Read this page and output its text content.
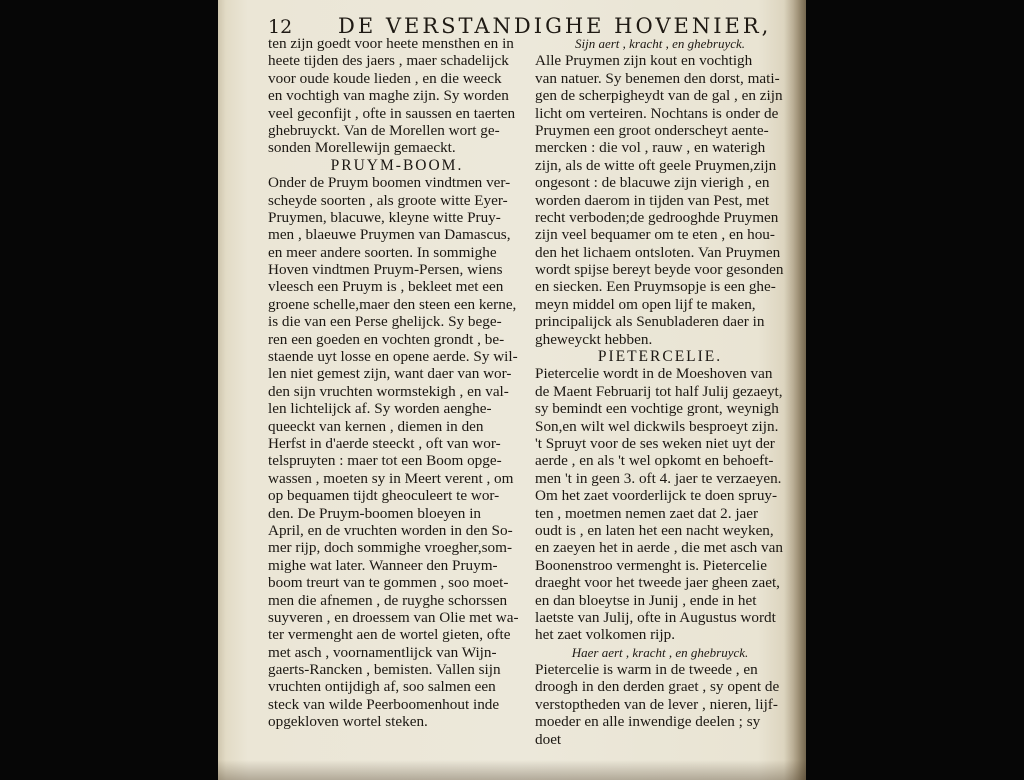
12 DE VERSTANDIGHE HOVENIER,
ten zijn goedt voor heete mensthen en in
heete tijden des jaers , maer schadelijck
voor oude koude lieden , en die weeck
en vochtigh van maghe zijn. Sy worden
veel geconfijt , ofte in saussen en taerten
ghebruyckt. Van de Morellen wort ge-
sonden Morellewijn gemaeckt.
PRUYM-BOOM.
Onder de Pruym boomen vindtmen ver-
scheyde soorten , als groote witte Eyer-
Pruymen, blacuwe, kleyne witte Pruy-
men , blaeuwe Pruymen van Damascus,
en meer andere soorten. In sommighe
Hoven vindtmen Pruym-Persen, wiens
vleesch een Pruym is , bekleet met een
groene schelle,maer den steen een kerne,
is die van een Perse ghelijck. Sy bege-
ren een goeden en vochten grondt , be-
staende uyt losse en opene aerde. Sy wil-
len niet gemest zijn, want daer van wor-
den sijn vruchten wormstekigh , en val-
len lichtelijck af. Sy worden aenghe-
queeckt van kernen , diemen in den
Herfst in d'aerde steeckt , oft van wor-
telspruyten : maer tot een Boom opge-
wassen , moeten sy in Meert verent , om
op bequamen tijdt gheoculeert te wor-
den. De Pruym-boomen bloeyen in
April, en de vruchten worden in den So-
mer rijp, doch sommighe vroegher,som-
mighe wat later. Wanneer den Pruym-
boom treurt van te gommen , soo moet-
men die afnemen , de ruyghe schorssen
suyveren , en droessem van Olie met wa-
ter vermenght aen de wortel gieten, ofte
met asch , voornamentlijck van Wijn-
gaerts-Rancken , bemisten. Vallen sijn
vruchten ontijdigh af, soo salmen een
steck van wilde Peerboomenhout inde
opgekloven wortel steken.
Sijn aert , kracht , en ghebruyck.
Alle Pruymen zijn kout en vochtigh
van natuer. Sy benemen den dorst, mati-
gen de scherpigheydt van de gal , en zijn
licht om verteiren. Nochtans is onder de
Pruymen een groot onderscheyt aente-
mercken : die vol , rauw , en waterigh
zijn, als de witte oft geele Pruymen,zijn
ongesont : de blacuwe zijn vierigh , en
worden daerom in tijden van Pest, met
recht verboden;de gedrooghde Pruymen
zijn veel bequamer om te eten , en hou-
den het lichaem ontsloten. Van Pruymen
wordt spijse bereyt beyde voor gesonden
en siecken. Een Pruymsopje is een ghe-
meyn middel om open lijf te maken,
principalijck als Senubladeren daer in
gheweyckt hebben.
PIETERCELIE.
Pietercelie wordt in de Moeshoven van
de Maent Februarij tot half Julij gezaeyt,
sy bemindt een vochtige gront, weynigh
Son,en wilt wel dickwils besproeyt zijn.
't Spruyt voor de ses weken niet uyt der
aerde , en als 't wel opkomt en behoeft-
men 't in geen 3. oft 4. jaer te verzaeyen.
Om het zaet voorderlijck te doen spruy-
ten , moetmen nemen zaet dat 2. jaer
oudt is , en laten het een nacht weyken,
en zaeyen het in aerde , die met asch van
Boonenstroo vermenght is. Pietercelie
draeght voor het tweede jaer gheen zaet,
en dan bloeytse in Junij , ende in het
laetste van Julij, ofte in Augustus wordt
het zaet volkomen rijp.
Haer aert , kracht , en ghebruyck.
Pietercelie is warm in de tweede , en
droogh in den derden graet , sy opent de
verstoptheden van de lever , nieren, lijf-
moeder en alle inwendige deelen ; sy
doet
